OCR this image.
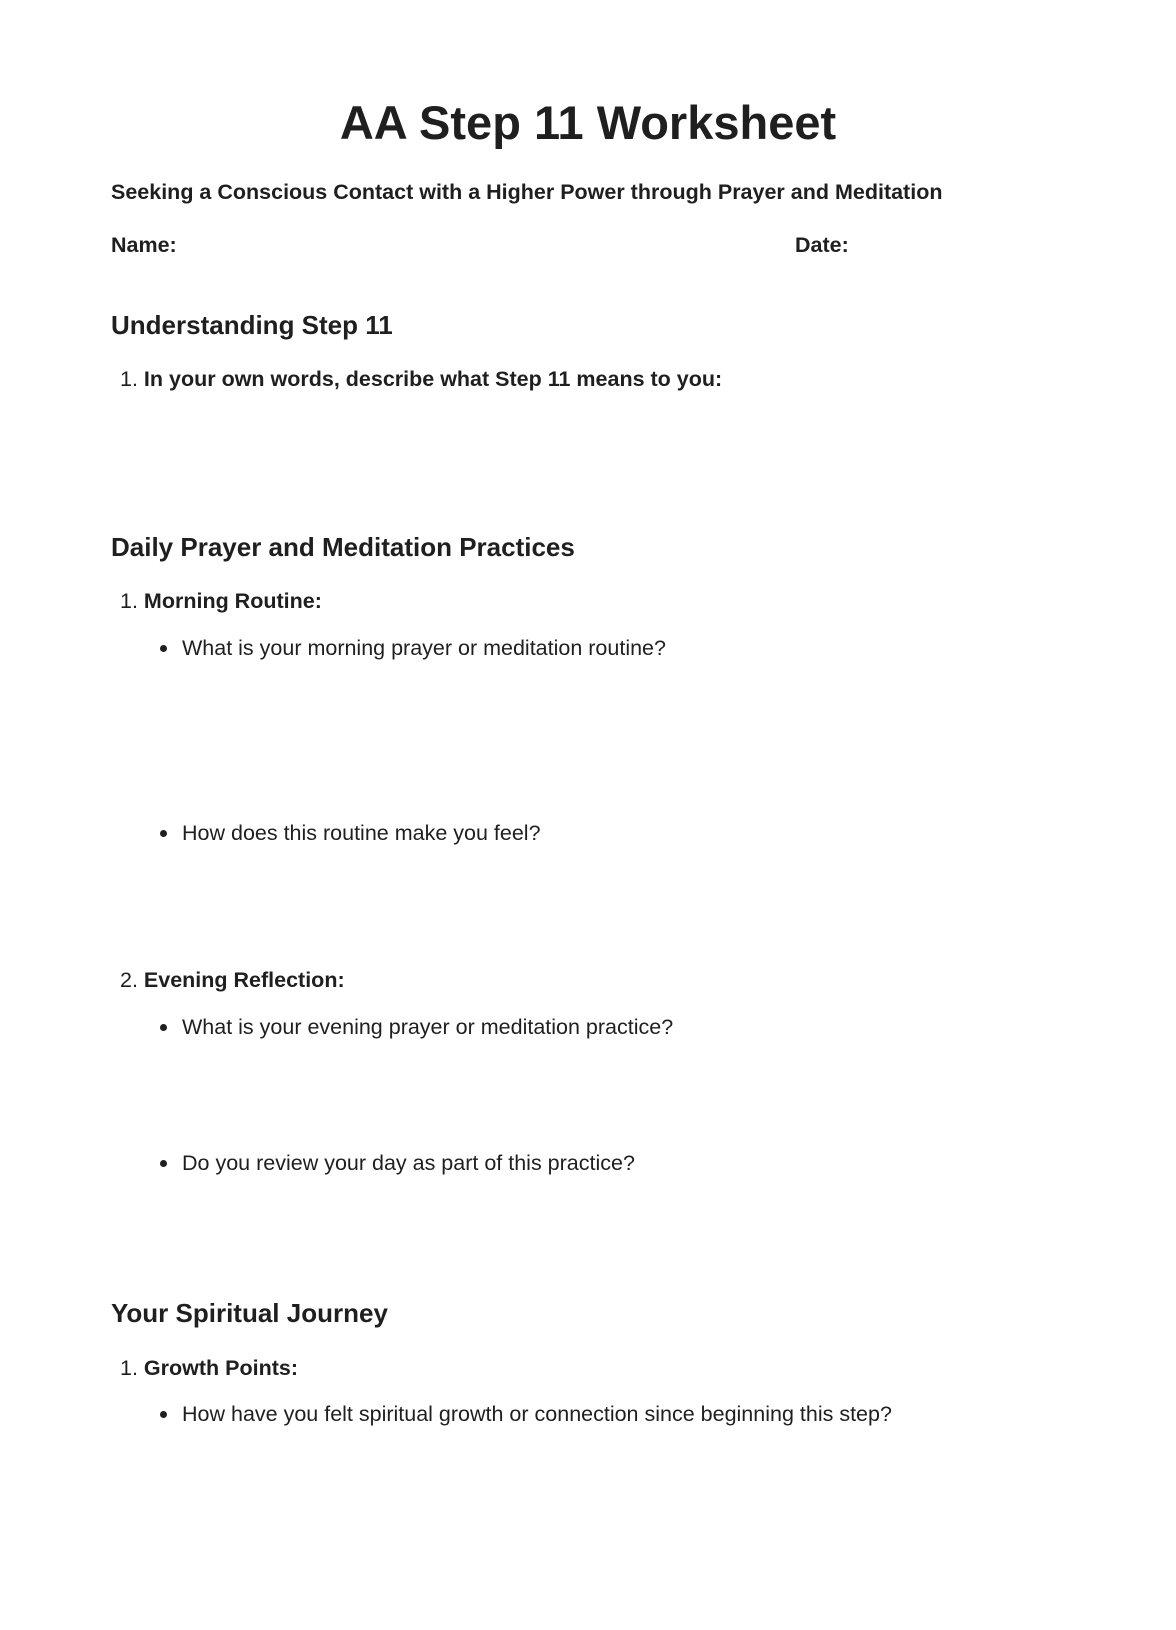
AA Step 11 Worksheet
Seeking a Conscious Contact with a Higher Power through Prayer and Meditation
Name:	Date:
Understanding Step 11
1. In your own words, describe what Step 11 means to you:
Daily Prayer and Meditation Practices
1. Morning Routine:
What is your morning prayer or meditation routine?
How does this routine make you feel?
2. Evening Reflection:
What is your evening prayer or meditation practice?
Do you review your day as part of this practice?
Your Spiritual Journey
1. Growth Points:
How have you felt spiritual growth or connection since beginning this step?
